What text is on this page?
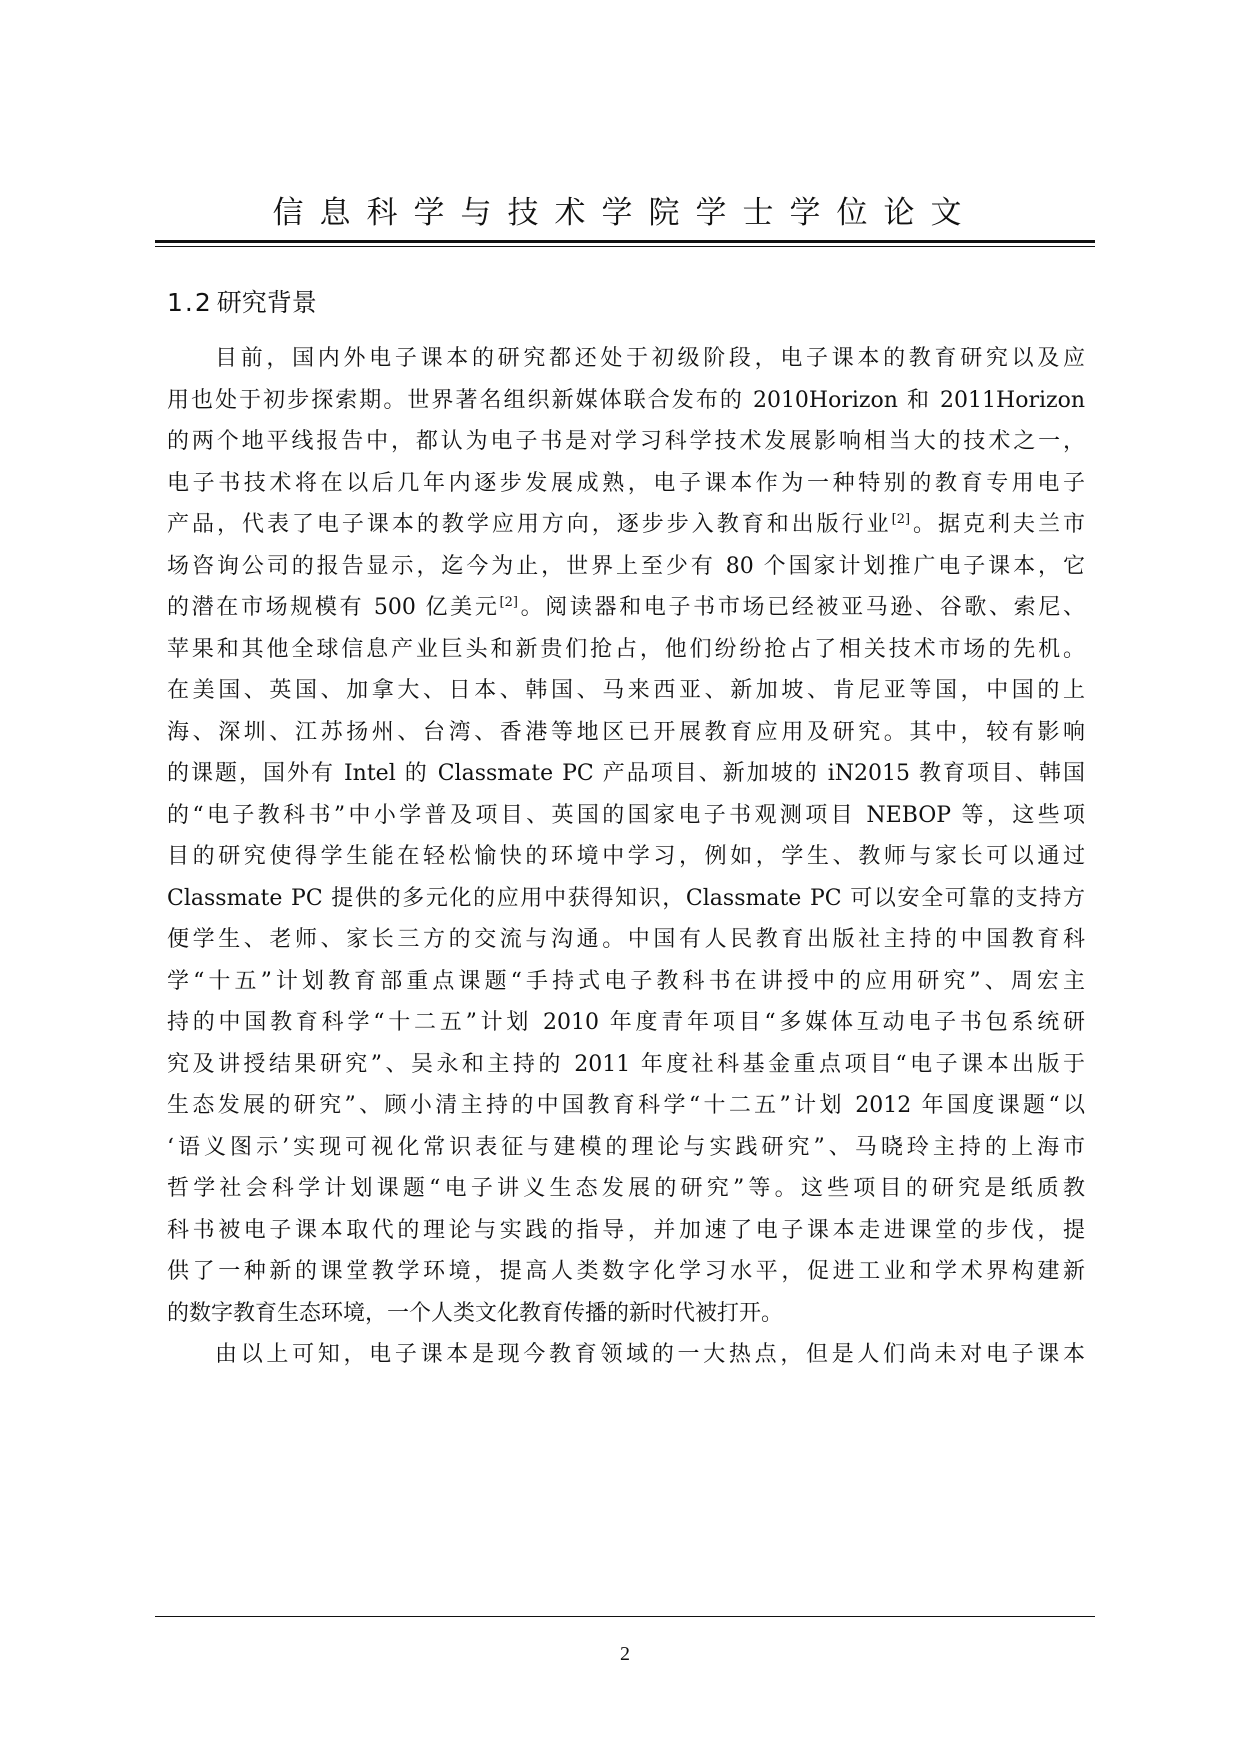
信息科学与技术学院学士学位论文
1.2 研究背景
目前，国内外电子课本的研究都还处于初级阶段，电子课本的教育研究以及应
用也处于初步探索期。世界著名组织新媒体联合发布的 2010Horizon 和 2011Horizon
的两个地平线报告中，都认为电子书是对学习科学技术发展影响相当大的技术之一，
电子书技术将在以后几年内逐步发展成熟，电子课本作为一种特别的教育专用电子
产品，代表了电子课本的教学应用方向，逐步步入教育和出版行业[2]。据克利夫兰市
场咨询公司的报告显示，迄今为止，世界上至少有 80 个国家计划推广电子课本，它
的潜在市场规模有 500 亿美元[2]。阅读器和电子书市场已经被亚马逊、谷歌、索尼、
苹果和其他全球信息产业巨头和新贵们抢占，他们纷纷抢占了相关技术市场的先机。
在美国、英国、加拿大、日本、韩国、马来西亚、新加坡、肯尼亚等国，中国的上
海、深圳、江苏扬州、台湾、香港等地区已开展教育应用及研究。其中，较有影响
的课题，国外有 Intel 的 Classmate PC 产品项目、新加坡的 iN2015 教育项目、韩国
的“电子教科书”中小学普及项目、英国的国家电子书观测项目 NEBOP 等，这些项
目的研究使得学生能在轻松愉快的环境中学习，例如，学生、教师与家长可以通过
Classmate PC 提供的多元化的应用中获得知识，Classmate PC 可以安全可靠的支持方
便学生、老师、家长三方的交流与沟通。中国有人民教育出版社主持的中国教育科
学“十五”计划教育部重点课题“手持式电子教科书在讲授中的应用研究”、周宏主
持的中国教育科学“十二五”计划 2010 年度青年项目“多媒体互动电子书包系统研
究及讲授结果研究”、吴永和主持的 2011 年度社科基金重点项目“电子课本出版于
生态发展的研究”、顾小清主持的中国教育科学“十二五”计划 2012 年国度课题“以
‘语义图示’实现可视化常识表征与建模的理论与实践研究”、马晓玲主持的上海市
哲学社会科学计划课题“电子讲义生态发展的研究”等。这些项目的研究是纸质教
科书被电子课本取代的理论与实践的指导，并加速了电子课本走进课堂的步伐，提
供了一种新的课堂教学环境，提高人类数字化学习水平，促进工业和学术界构建新
的数字教育生态环境，一个人类文化教育传播的新时代被打开。
由以上可知，电子课本是现今教育领域的一大热点，但是人们尚未对电子课本
2
